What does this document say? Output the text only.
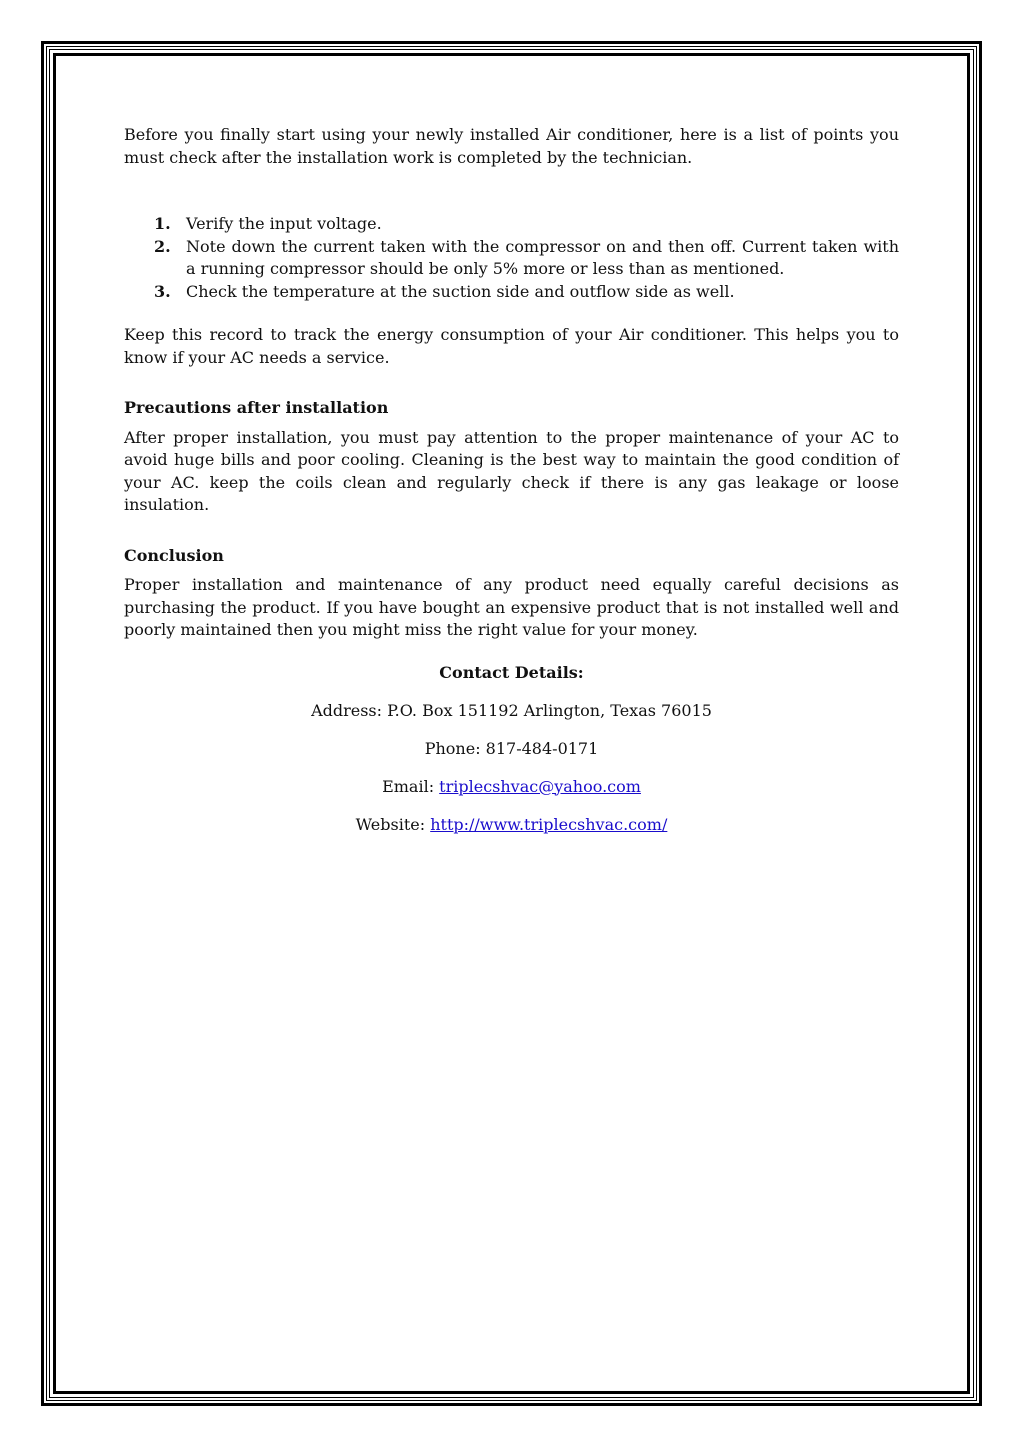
Before you finally start using your newly installed Air conditioner, here is a list of points you must check after the installation work is completed by the technician.

1. Verify the input voltage.
2. Note down the current taken with the compressor on and then off. Current taken with a running compressor should be only 5% more or less than as mentioned.
3. Check the temperature at the suction side and outflow side as well.

Keep this record to track the energy consumption of your Air conditioner. This helps you to know if your AC needs a service.

Precautions after installation

After proper installation, you must pay attention to the proper maintenance of your AC to avoid huge bills and poor cooling. Cleaning is the best way to maintain the good condition of your AC. keep the coils clean and regularly check if there is any gas leakage or loose insulation.

Conclusion

Proper installation and maintenance of any product need equally careful decisions as purchasing the product. If you have bought an expensive product that is not installed well and poorly maintained then you might miss the right value for your money.

Contact Details:

Address: P.O. Box 151192 Arlington, Texas 76015

Phone: 817-484-0171

Email: triplecshvac@yahoo.com

Website: http://www.triplecshvac.com/
